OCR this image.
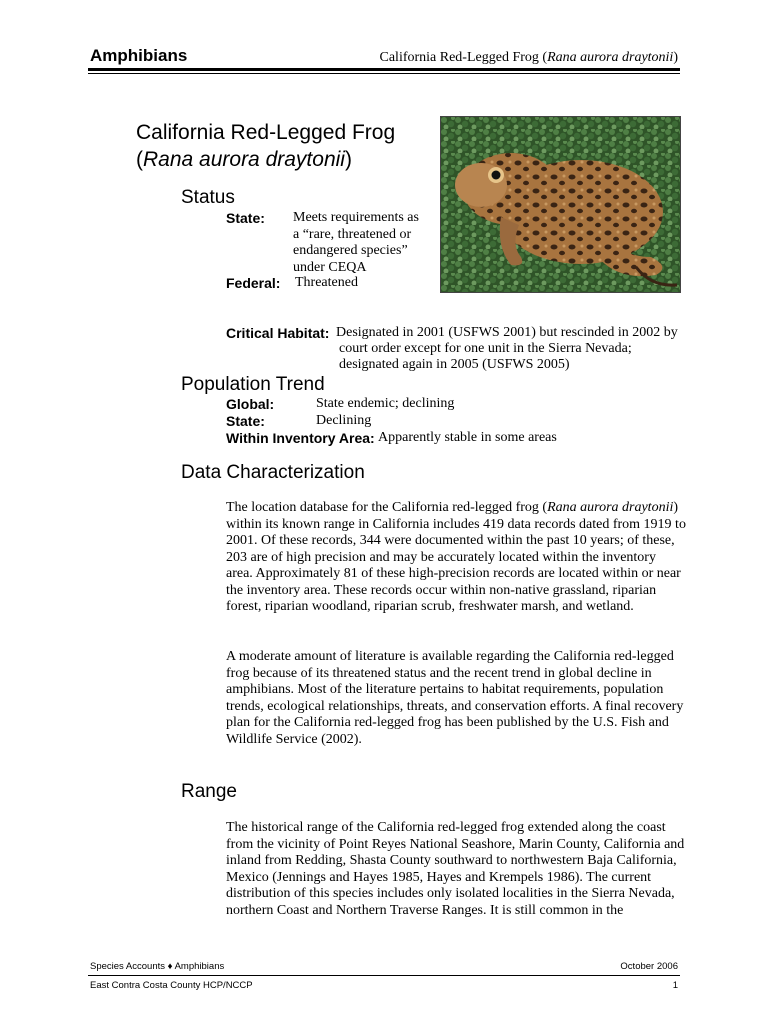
Amphibians	California Red-Legged Frog (Rana aurora draytonii)
California Red-Legged Frog
(Rana aurora draytonii)
Status
State: Meets requirements as
a “rare, threatened or
endangered species”
under CEQA
Federal: Threatened
Critical Habitat: Designated in 2001 (USFWS 2001) but rescinded in 2002 by
court order except for one unit in the Sierra Nevada;
designated again in 2005 (USFWS 2005)
Population Trend
Global:	State endemic; declining
State:	Declining
Within Inventory Area: Apparently stable in some areas
Data Characterization

The location database for the California red-legged frog (Rana aurora draytonii) within its known range in California includes 419 data records dated from 1919 to 2001. Of these records, 344 were documented within the past 10 years; of these, 203 are of high precision and may be accurately located within the inventory area. Approximately 81 of these high-precision records are located within or near the inventory area. These records occur within non-native grassland, riparian forest, riparian woodland, riparian scrub, freshwater marsh, and wetland.

A moderate amount of literature is available regarding the California red-legged frog because of its threatened status and the recent trend in global decline in amphibians. Most of the literature pertains to habitat requirements, population trends, ecological relationships, threats, and conservation efforts. A final recovery plan for the California red-legged frog has been published by the U.S. Fish and Wildlife Service (2002).

Range

The historical range of the California red-legged frog extended along the coast from the vicinity of Point Reyes National Seashore, Marin County, California and inland from Redding, Shasta County southward to northwestern Baja California, Mexico (Jennings and Hayes 1985, Hayes and Krempels 1986). The current distribution of this species includes only isolated localities in the Sierra Nevada, northern Coast and Northern Traverse Ranges. It is still common in the

Species Accounts ♦ Amphibians	October 2006
East Contra Costa County HCP/NCCP	1
